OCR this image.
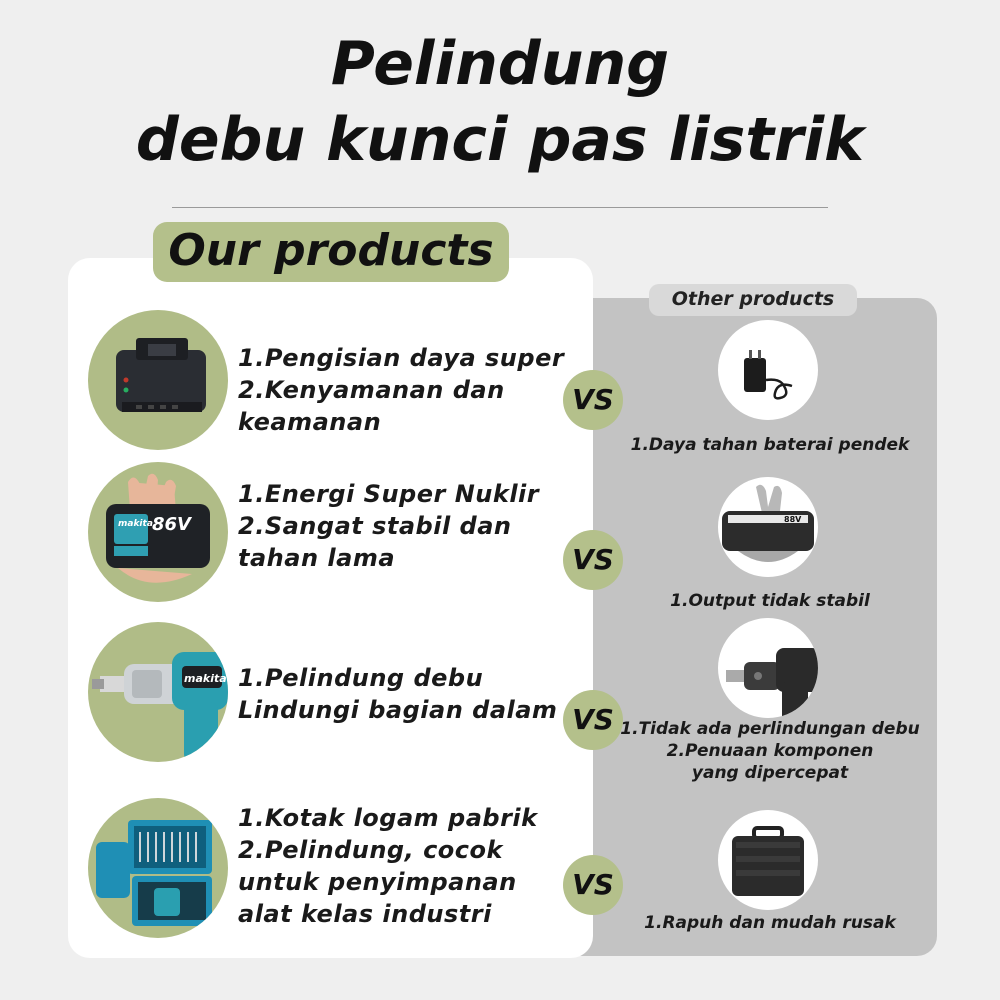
Pelindung
debu kunci pas listrik
Our products
Other products
1.Pengisian daya super
2.Kenyamanan dan
keamanan
VS
1.Daya tahan baterai pendek
makita 86V
1.Energi Super Nuklir
2.Sangat stabil dan
tahan lama	VS
88V
1.Output tidak stabil
makita 1.Pelindung debu
Lindungi bagian dalam VS 1.Tidak ada perlindungan debu
2.Penuaan komponen
yang dipercepat
1.Kotak logam pabrik
2.Pelindung, cocok
untuk penyimpanan
alat kelas industri
VS
1.Rapuh dan mudah rusak
